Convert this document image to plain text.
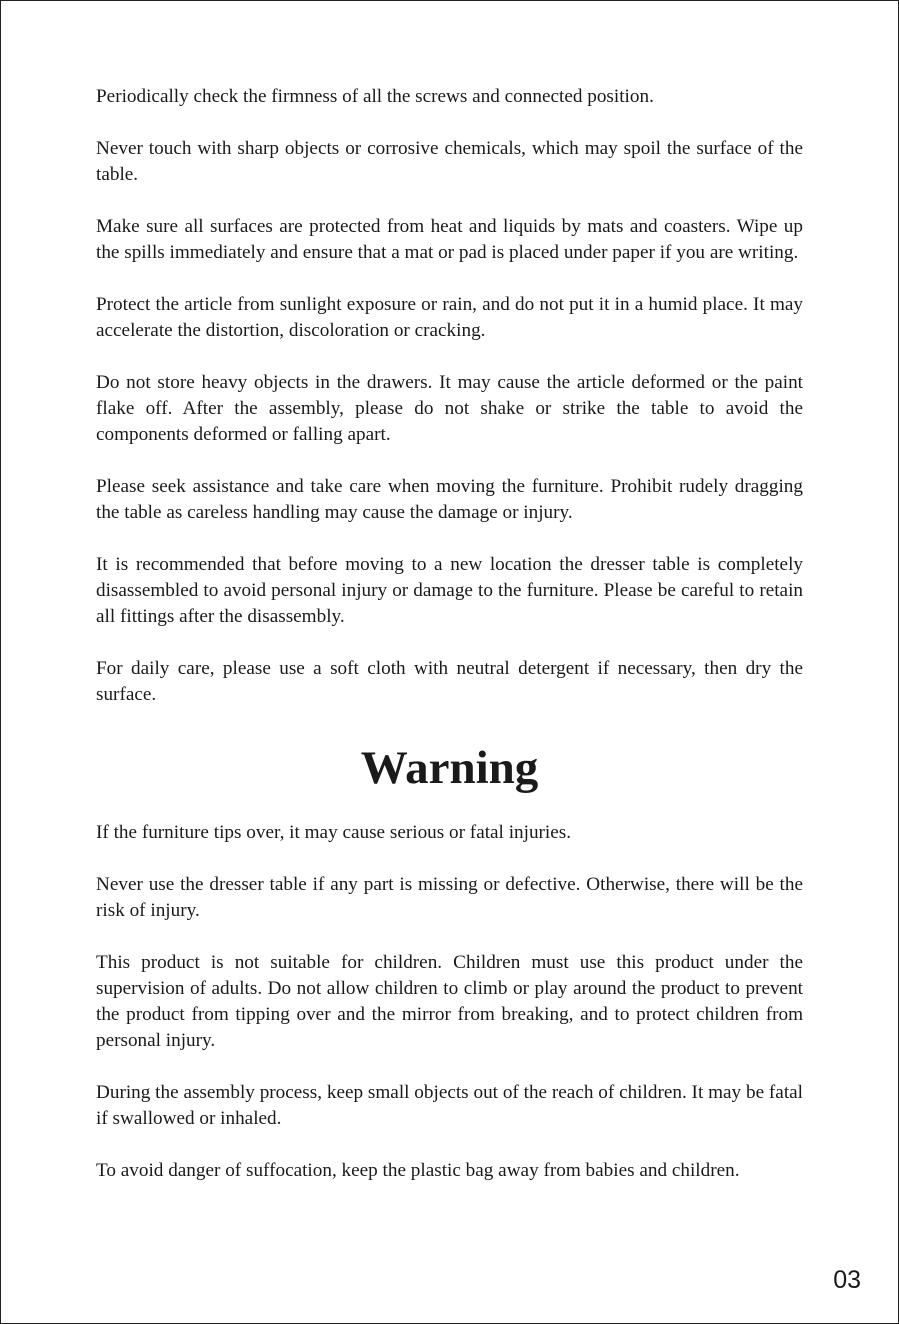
Periodically check the firmness of all the screws and connected position.

Never touch with sharp objects or corrosive chemicals, which may spoil the surface of the table.

Make sure all surfaces are protected from heat and liquids by mats and coasters. Wipe up the spills immediately and ensure that a mat or pad is placed under paper if you are writing.

Protect the article from sunlight exposure or rain, and do not put it in a humid place. It may accelerate the distortion, discoloration or cracking.

Do not store heavy objects in the drawers. It may cause the article deformed or the paint flake off. After the assembly, please do not shake or strike the table to avoid the components deformed or falling apart.

Please seek assistance and take care when moving the furniture. Prohibit rudely dragging the table as careless handling may cause the damage or injury.

It is recommended that before moving to a new location the dresser table is completely disassembled to avoid personal injury or damage to the furniture. Please be careful to retain all fittings after the disassembly.

For daily care, please use a soft cloth with neutral detergent if necessary, then dry the surface.

Warning

If the furniture tips over, it may cause serious or fatal injuries.

Never use the dresser table if any part is missing or defective. Otherwise, there will be the risk of injury.

This product is not suitable for children. Children must use this product under the supervision of adults. Do not allow children to climb or play around the product to prevent the product from tipping over and the mirror from breaking, and to protect children from personal injury.

During the assembly process, keep small objects out of the reach of children. It may be fatal if swallowed or inhaled.

To avoid danger of suffocation, keep the plastic bag away from babies and children.

03
